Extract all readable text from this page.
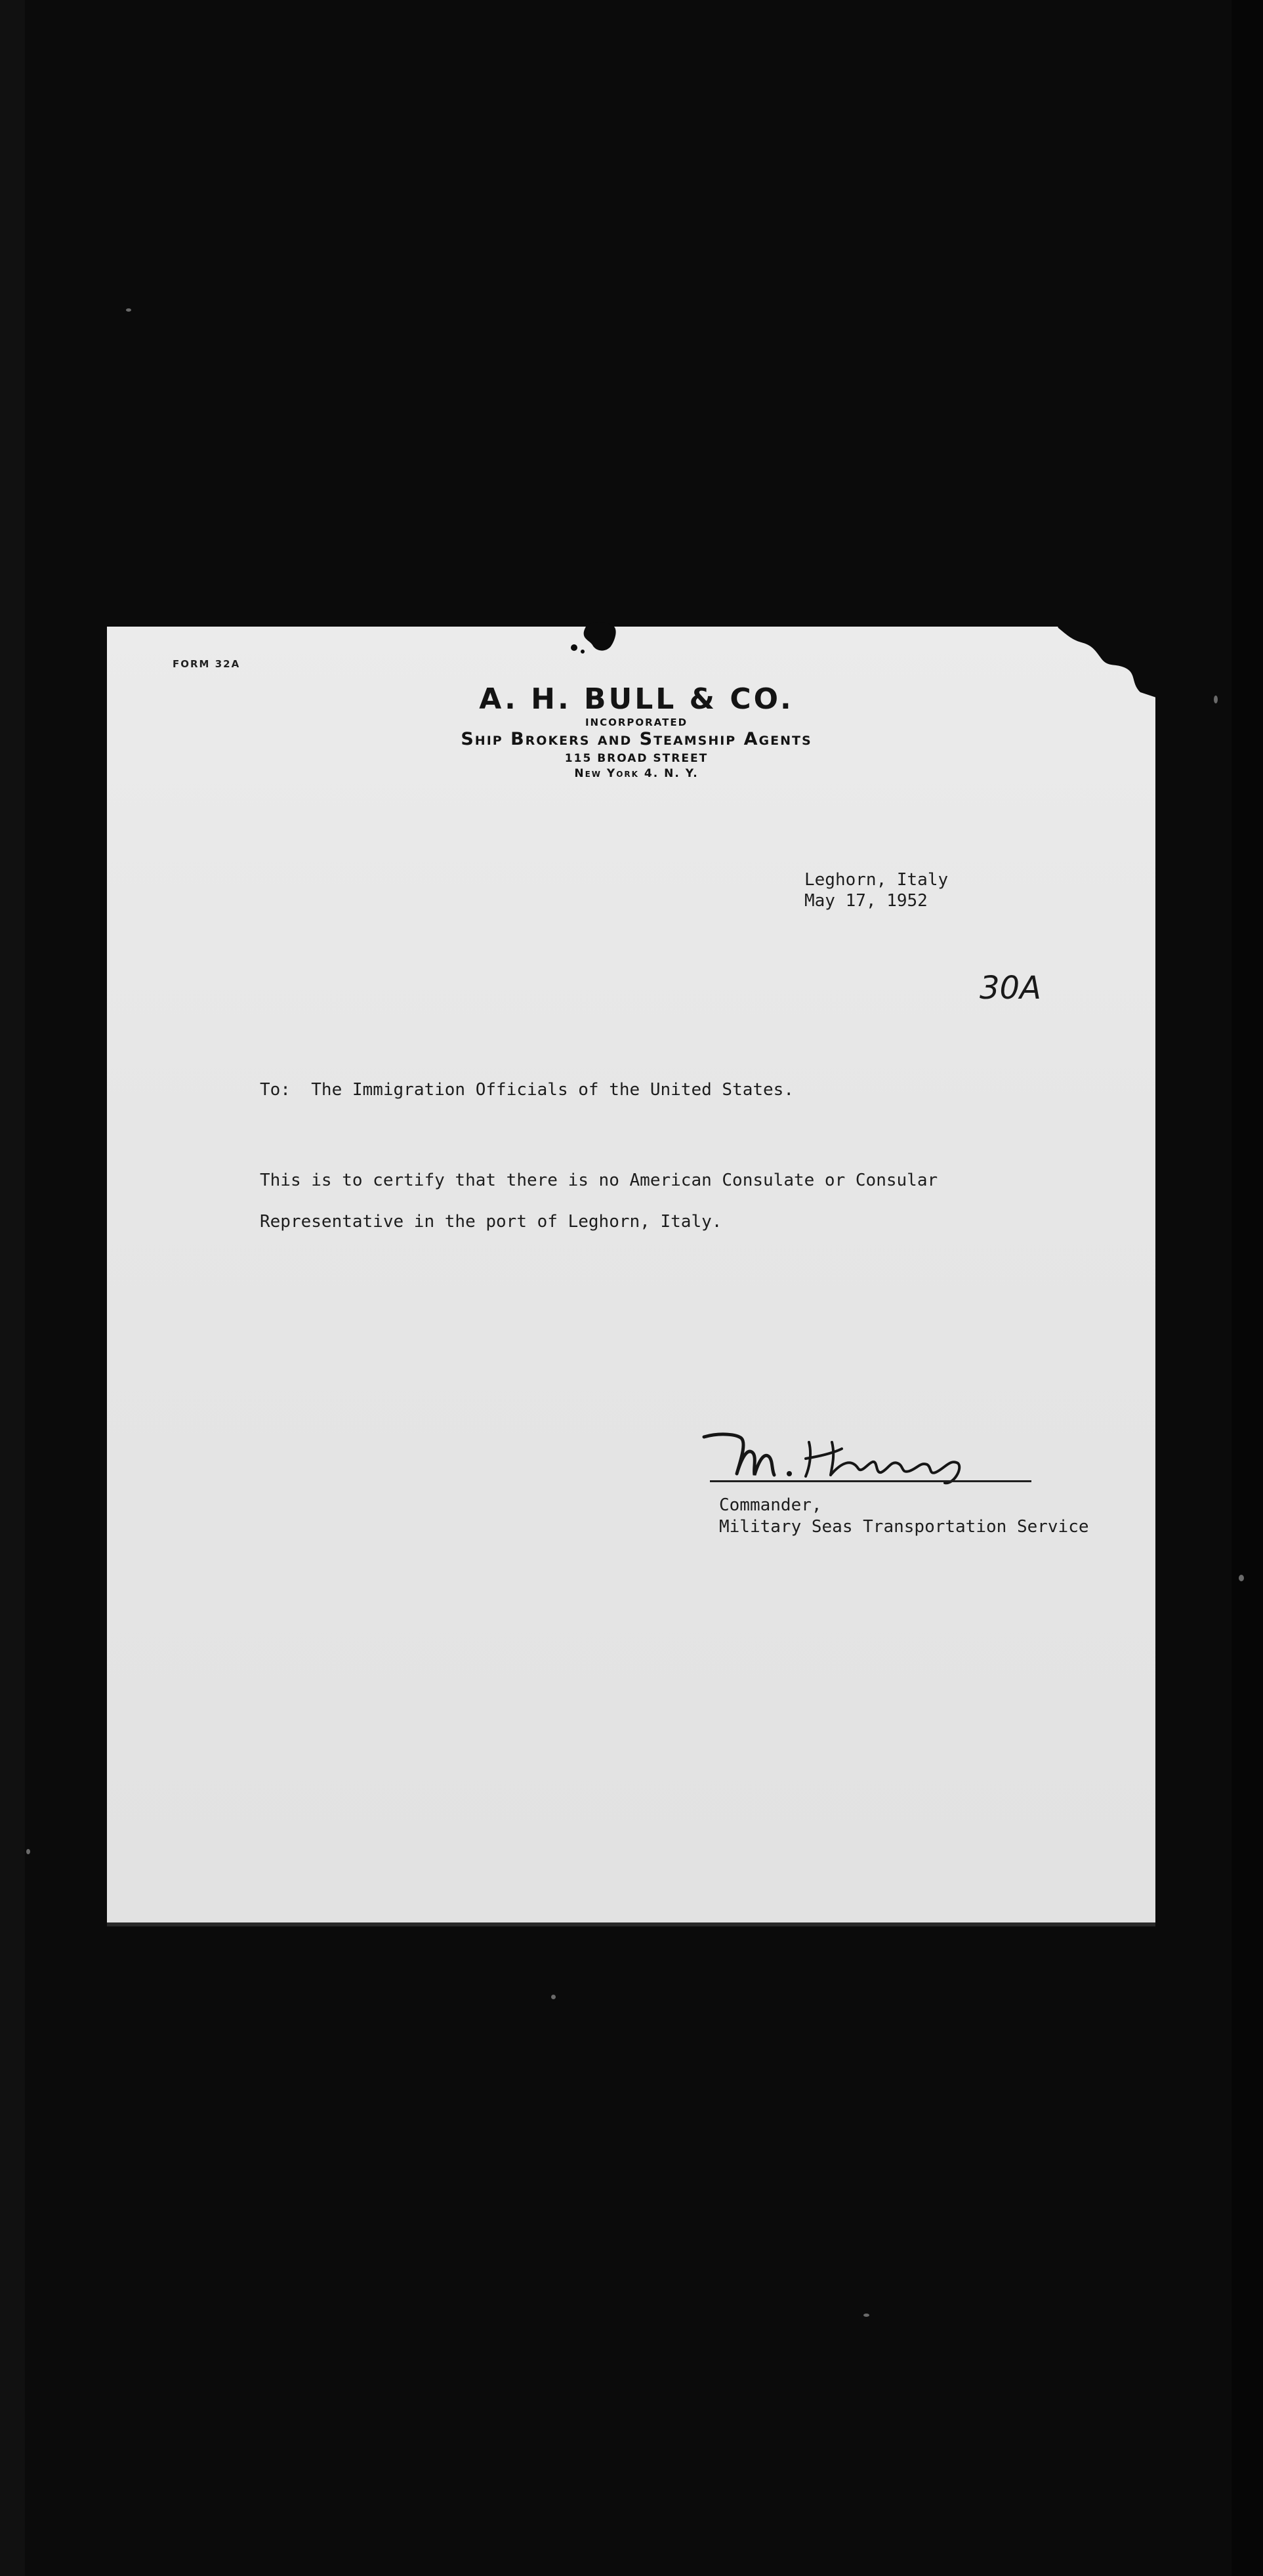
FORM 32A
A. H. BULL & CO.
INCORPORATED
Ship Brokers and Steamship Agents
115 BROAD STREET
New York 4. N. Y.
Leghorn, Italy
May 17, 1952
30A
To: The Immigration Officials of the United States.
This is to certify that there is no American Consulate or Consular
Representative in the port of Leghorn, Italy.
Commander,
Military Seas Transportation Service
